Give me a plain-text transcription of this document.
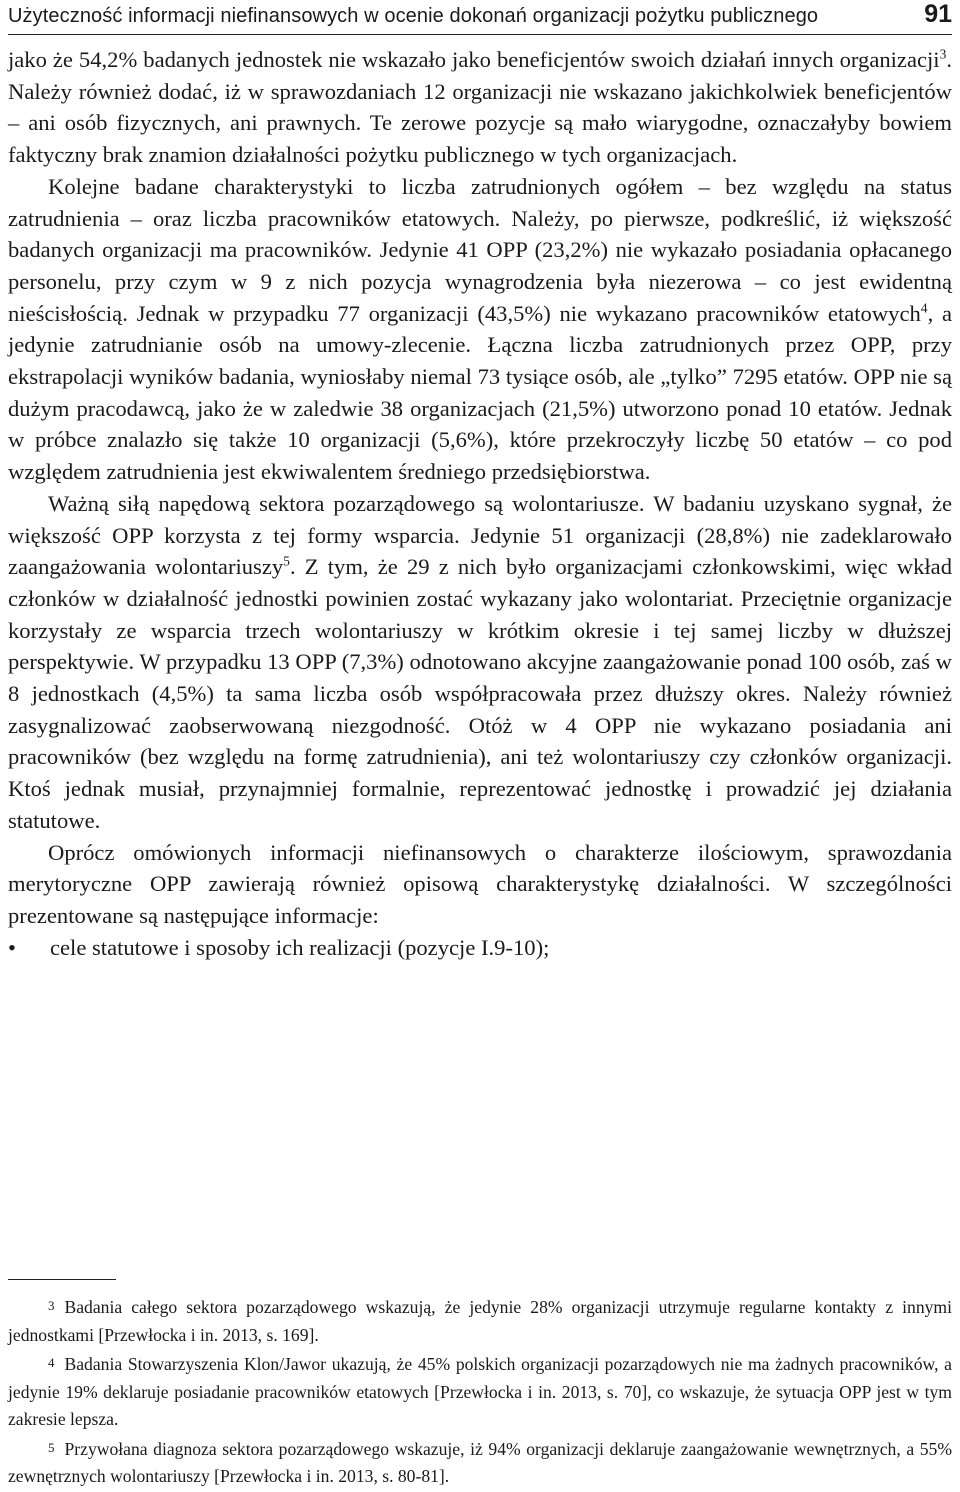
Użyteczność informacji niefinansowych w ocenie dokonań organizacji pożytku publicznego	91

jako że 54,2% badanych jednostek nie wskazało jako beneficjentów swoich działań innych organizacji$^3$. Należy również dodać, iż w sprawozdaniach 12 organizacji nie wskazano jakichkolwiek beneficjentów – ani osób fizycznych, ani prawnych. Te zerowe pozycje są mało wiarygodne, oznaczałyby bowiem faktyczny brak znamion działalności pożytku publicznego w tych organizacjach.

Kolejne badane charakterystyki to liczba zatrudnionych ogółem – bez względu na status zatrudnienia – oraz liczba pracowników etatowych. Należy, po pierwsze, podkreślić, iż większość badanych organizacji ma pracowników. Jedynie 41 OPP (23,2%) nie wykazało posiadania opłacanego personelu, przy czym w 9 z nich pozycja wynagrodzenia była niezerowa – co jest ewidentną nieścisłością. Jednak w przypadku 77 organizacji (43,5%) nie wykazano pracowników etatowych$^4$, a jedynie zatrudnianie osób na umowy-zlecenie. Łączna liczba zatrudnionych przez OPP, przy ekstrapolacji wyników badania, wyniosłaby niemal 73 tysiące osób, ale „tylko” 7295 etatów. OPP nie są dużym pracodawcą, jako że w zaledwie 38 organizacjach (21,5%) utworzono ponad 10 etatów. Jednak w próbce znalazło się także 10 organizacji (5,6%), które przekroczyły liczbę 50 etatów – co pod względem zatrudnienia jest ekwiwalentem średniego przedsiębiorstwa.

Ważną siłą napędową sektora pozarządowego są wolontariusze. W badaniu uzyskano sygnał, że większość OPP korzysta z tej formy wsparcia. Jedynie 51 organizacji (28,8%) nie zadeklarowało zaangażowania wolontariuszy$^5$. Z tym, że 29 z nich było organizacjami członkowskimi, więc wkład członków w działalność jednostki powinien zostać wykazany jako wolontariat. Przeciętnie organizacje korzystały ze wsparcia trzech wolontariuszy w krótkim okresie i tej samej liczby w dłuższej perspektywie. W przypadku 13 OPP (7,3%) odnotowano akcyjne zaangażowanie ponad 100 osób, zaś w 8 jednostkach (4,5%) ta sama liczba osób współpracowała przez dłuższy okres. Należy również zasygnalizować zaobserwowaną niezgodność. Otóż w 4 OPP nie wykazano posiadania ani pracowników (bez względu na formę zatrudnienia), ani też wolontariuszy czy członków organizacji. Ktoś jednak musiał, przynajmniej formalnie, reprezentować jednostkę i prowadzić jej działania statutowe.

Oprócz omówionych informacji niefinansowych o charakterze ilościowym, sprawozdania merytoryczne OPP zawierają również opisową charakterystykę działalności. W szczególności prezentowane są następujące informacje:

• cele statutowe i sposoby ich realizacji (pozycje I.9-10);

3 Badania całego sektora pozarządowego wskazują, że jedynie 28% organizacji utrzymuje regularne kontakty z innymi jednostkami [Przewłocka i in. 2013, s. 169].

4 Badania Stowarzyszenia Klon/Jawor ukazują, że 45% polskich organizacji pozarządowych nie ma żadnych pracowników, a jedynie 19% deklaruje posiadanie pracowników etatowych [Przewłocka i in. 2013, s. 70], co wskazuje, że sytuacja OPP jest w tym zakresie lepsza.

5 Przywołana diagnoza sektora pozarządowego wskazuje, iż 94% organizacji deklaruje zaangażowanie wewnętrznych, a 55% zewnętrznych wolontariuszy [Przewłocka i in. 2013, s. 80-81].
